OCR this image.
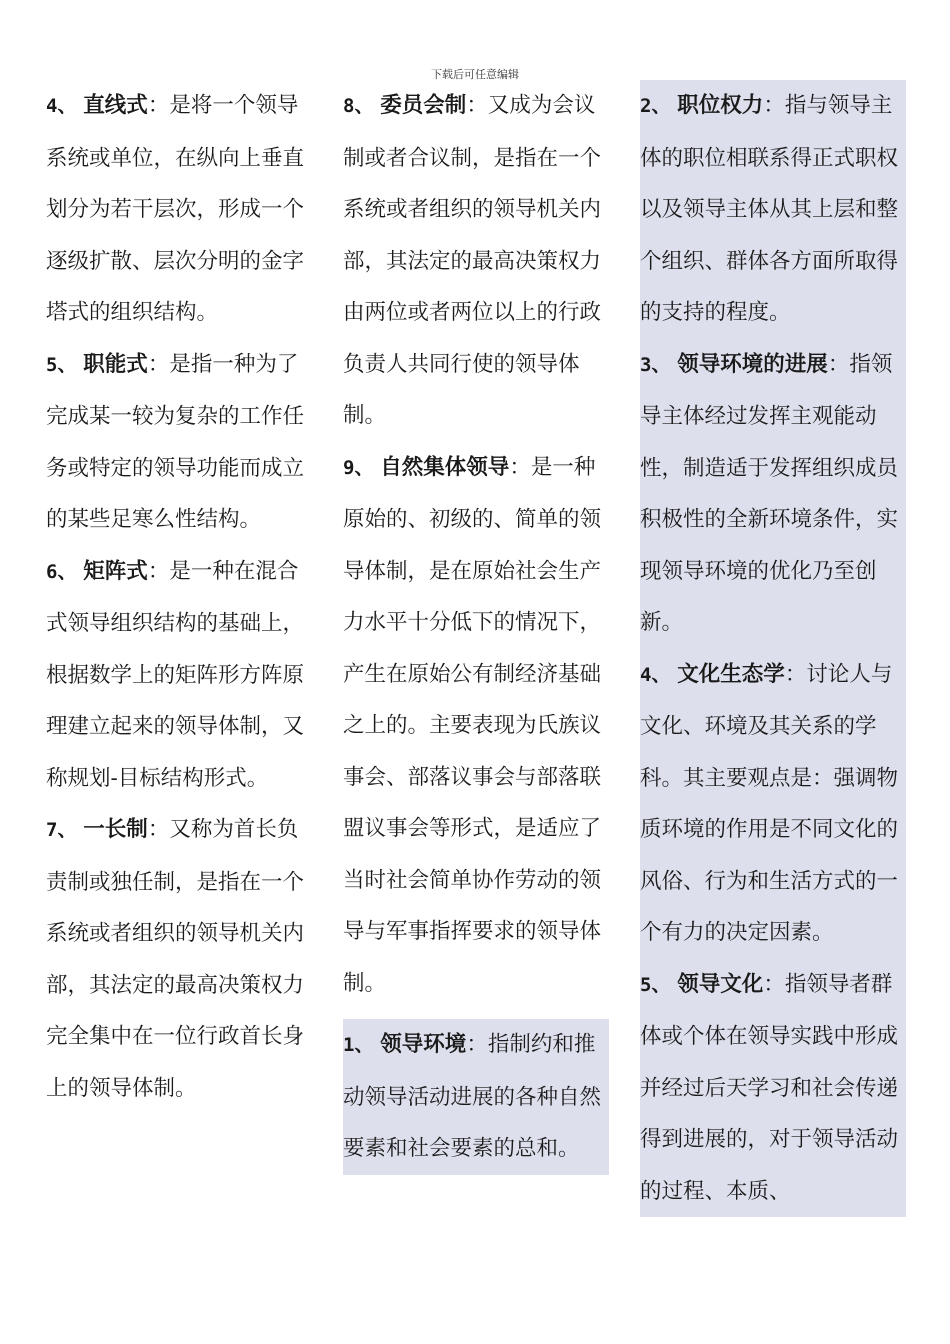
下载后可任意编辑

4、 直线式：是将一个领导系统或单位，在纵向上垂直划分为若干层次，形成一个逐级扩散、层次分明的金字塔式的组织结构。

5、 职能式：是指一种为了完成某一较为复杂的工作任务或特定的领导功能而成立的某些足寒么性结构。

6、 矩阵式：是一种在混合式领导组织结构的基础上，根据数学上的矩阵形方阵原理建立起来的领导体制，又称规划-目标结构形式。

7、 一长制：又称为首长负责制或独任制，是指在一个系统或者组织的领导机关内部，其法定的最高决策权力完全集中在一位行政首长身上的领导体制。

8、 委员会制：又成为会议制或者合议制，是指在一个系统或者组织的领导机关内部，其法定的最高决策权力由两位或者两位以上的行政负责人共同行使的领导体制。

9、 自然集体领导：是一种原始的、初级的、简单的领导体制，是在原始社会生产力水平十分低下的情况下，产生在原始公有制经济基础之上的。主要表现为氏族议事会、部落议事会与部落联盟议事会等形式，是适应了当时社会简单协作劳动的领导与军事指挥要求的领导体制。

1、 领导环境：指制约和推动领导活动进展的各种自然要素和社会要素的总和。

2、 职位权力：指与领导主体的职位相联系得正式职权以及领导主体从其上层和整个组织、群体各方面所取得的支持的程度。

3、 领导环境的进展：指领导主体经过发挥主观能动性，制造适于发挥组织成员积极性的全新环境条件，实现领导环境的优化乃至创新。

4、 文化生态学：讨论人与文化、环境及其关系的学科。其主要观点是：强调物质环境的作用是不同文化的风俗、行为和生活方式的一个有力的决定因素。

5、 领导文化：指领导者群体或个体在领导实践中形成并经过后天学习和社会传递得到进展的，对于领导活动的过程、本质、
